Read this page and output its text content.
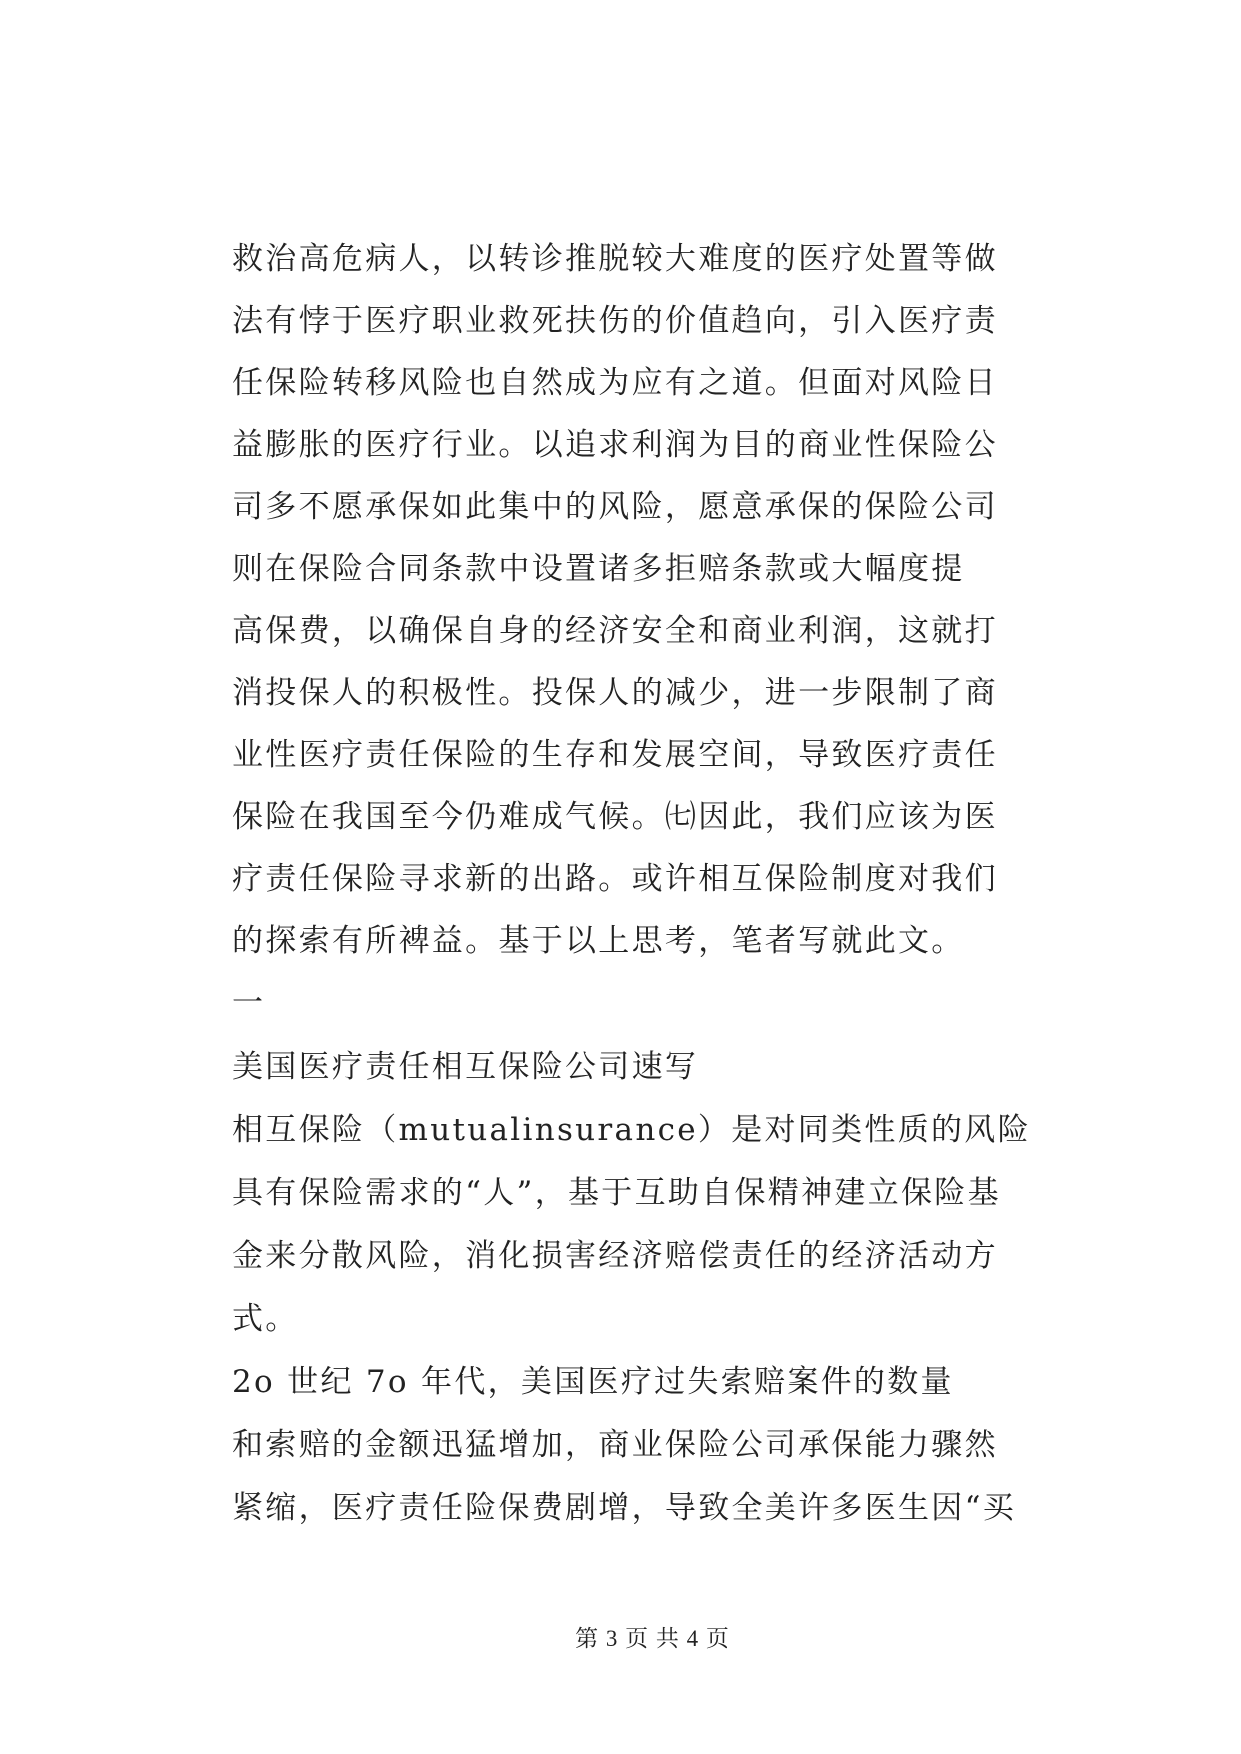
救治高危病人，以转诊推脱较大难度的医疗处置等做
法有悖于医疗职业救死扶伤的价值趋向，引入医疗责
任保险转移风险也自然成为应有之道。但面对风险日
益膨胀的医疗行业。以追求利润为目的商业性保险公
司多不愿承保如此集中的风险，愿意承保的保险公司
则在保险合同条款中设置诸多拒赔条款或大幅度提
高保费，以确保自身的经济安全和商业利润，这就打
消投保人的积极性。投保人的减少，进一步限制了商
业性医疗责任保险的生存和发展空间，导致医疗责任
保险在我国至今仍难成气候。㈦因此，我们应该为医
疗责任保险寻求新的出路。或许相互保险制度对我们
的探索有所裨益。基于以上思考，笔者写就此文。
一
美国医疗责任相互保险公司速写
相互保险（mutualinsurance）是对同类性质的风险
具有保险需求的“人”，基于互助自保精神建立保险基
金来分散风险，消化损害经济赔偿责任的经济活动方
式。
2o 世纪 7o 年代，美国医疗过失索赔案件的数量
和索赔的金额迅猛增加，商业保险公司承保能力骤然
紧缩，医疗责任险保费剧增，导致全美许多医生因“买
第 3 页 共 4 页
